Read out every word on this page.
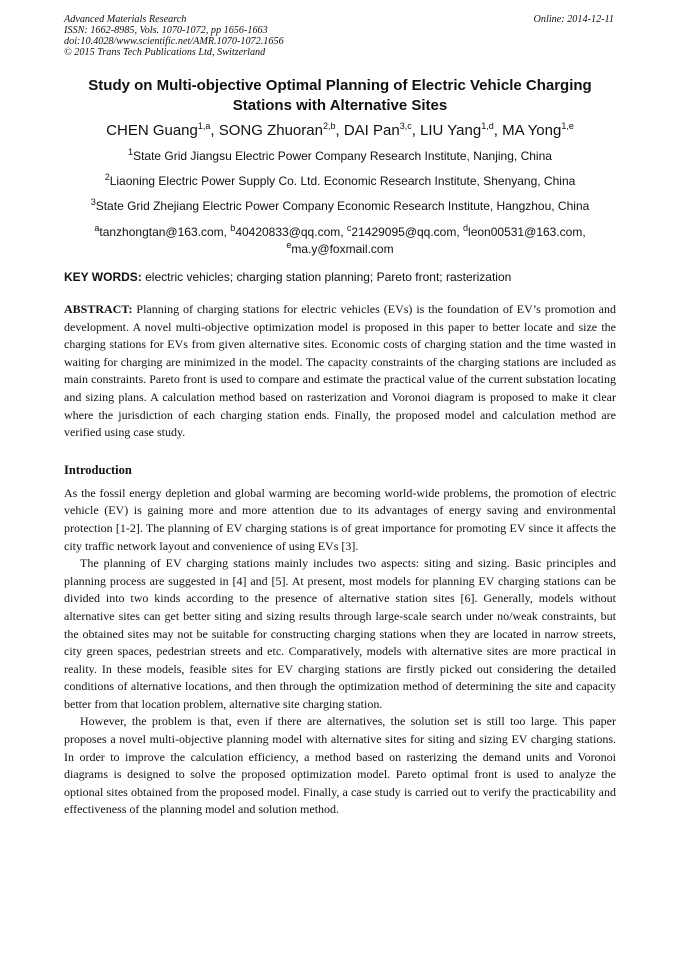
Advanced Materials Research
ISSN: 1662-8985, Vols. 1070-1072, pp 1656-1663
doi:10.4028/www.scientific.net/AMR.1070-1072.1656
© 2015 Trans Tech Publications Ltd, Switzerland
Online: 2014-12-11
Study on Multi-objective Optimal Planning of Electric Vehicle Charging Stations with Alternative Sites
CHEN Guang$^{1,a}$, SONG Zhuoran$^{2,b}$, DAI Pan$^{3,c}$, LIU Yang$^{1,d}$, MA Yong$^{1,e}$
$^1$State Grid Jiangsu Electric Power Company Research Institute, Nanjing, China
$^2$Liaoning Electric Power Supply Co. Ltd. Economic Research Institute, Shenyang, China
$^3$State Grid Zhejiang Electric Power Company Economic Research Institute, Hangzhou, China
$^a$tanzhongtan@163.com, $^b$40420833@qq.com, $^c$21429095@qq.com, $^d$leon00531@163.com,
$^e$ma.y@foxmail.com
KEY WORDS: electric vehicles; charging station planning; Pareto front; rasterization
ABSTRACT: Planning of charging stations for electric vehicles (EVs) is the foundation of EV’s promotion and development. A novel multi-objective optimization model is proposed in this paper to better locate and size the charging stations for EVs from given alternative sites. Economic costs of charging station and the time wasted in waiting for charging are minimized in the model. The capacity constraints of the charging stations are included as main constraints. Pareto front is used to compare and estimate the practical value of the current substation locating and sizing plans. A calculation method based on rasterization and Voronoi diagram is proposed to make it clear where the jurisdiction of each charging station ends. Finally, the proposed model and calculation method are verified using case study.
Introduction
As the fossil energy depletion and global warming are becoming world-wide problems, the promotion of electric vehicle (EV) is gaining more and more attention due to its advantages of energy saving and environmental protection [1-2]. The planning of EV charging stations is of great importance for promoting EV since it affects the city traffic network layout and convenience of using EVs [3].
The planning of EV charging stations mainly includes two aspects: siting and sizing. Basic principles and planning process are suggested in [4] and [5]. At present, most models for planning EV charging stations can be divided into two kinds according to the presence of alternative station sites [6]. Generally, models without alternative sites can get better siting and sizing results through large-scale search under no/weak constraints, but the obtained sites may not be suitable for constructing charging stations when they are located in narrow streets, city green spaces, pedestrian streets and etc. Comparatively, models with alternative sites are more practical in reality. In these models, feasible sites for EV charging stations are firstly picked out considering the detailed conditions of alternative locations, and then through the optimization method of determining the site and capacity better from that location problem, alternative site charging station.
However, the problem is that, even if there are alternatives, the solution set is still too large. This paper proposes a novel multi-objective planning model with alternative sites for siting and sizing EV charging stations. In order to improve the calculation efficiency, a method based on rasterizing the demand units and Voronoi diagrams is designed to solve the proposed optimization model. Pareto optimal front is used to analyze the optional sites obtained from the proposed model. Finally, a case study is carried out to verify the practicability and effectiveness of the planning model and solution method.
